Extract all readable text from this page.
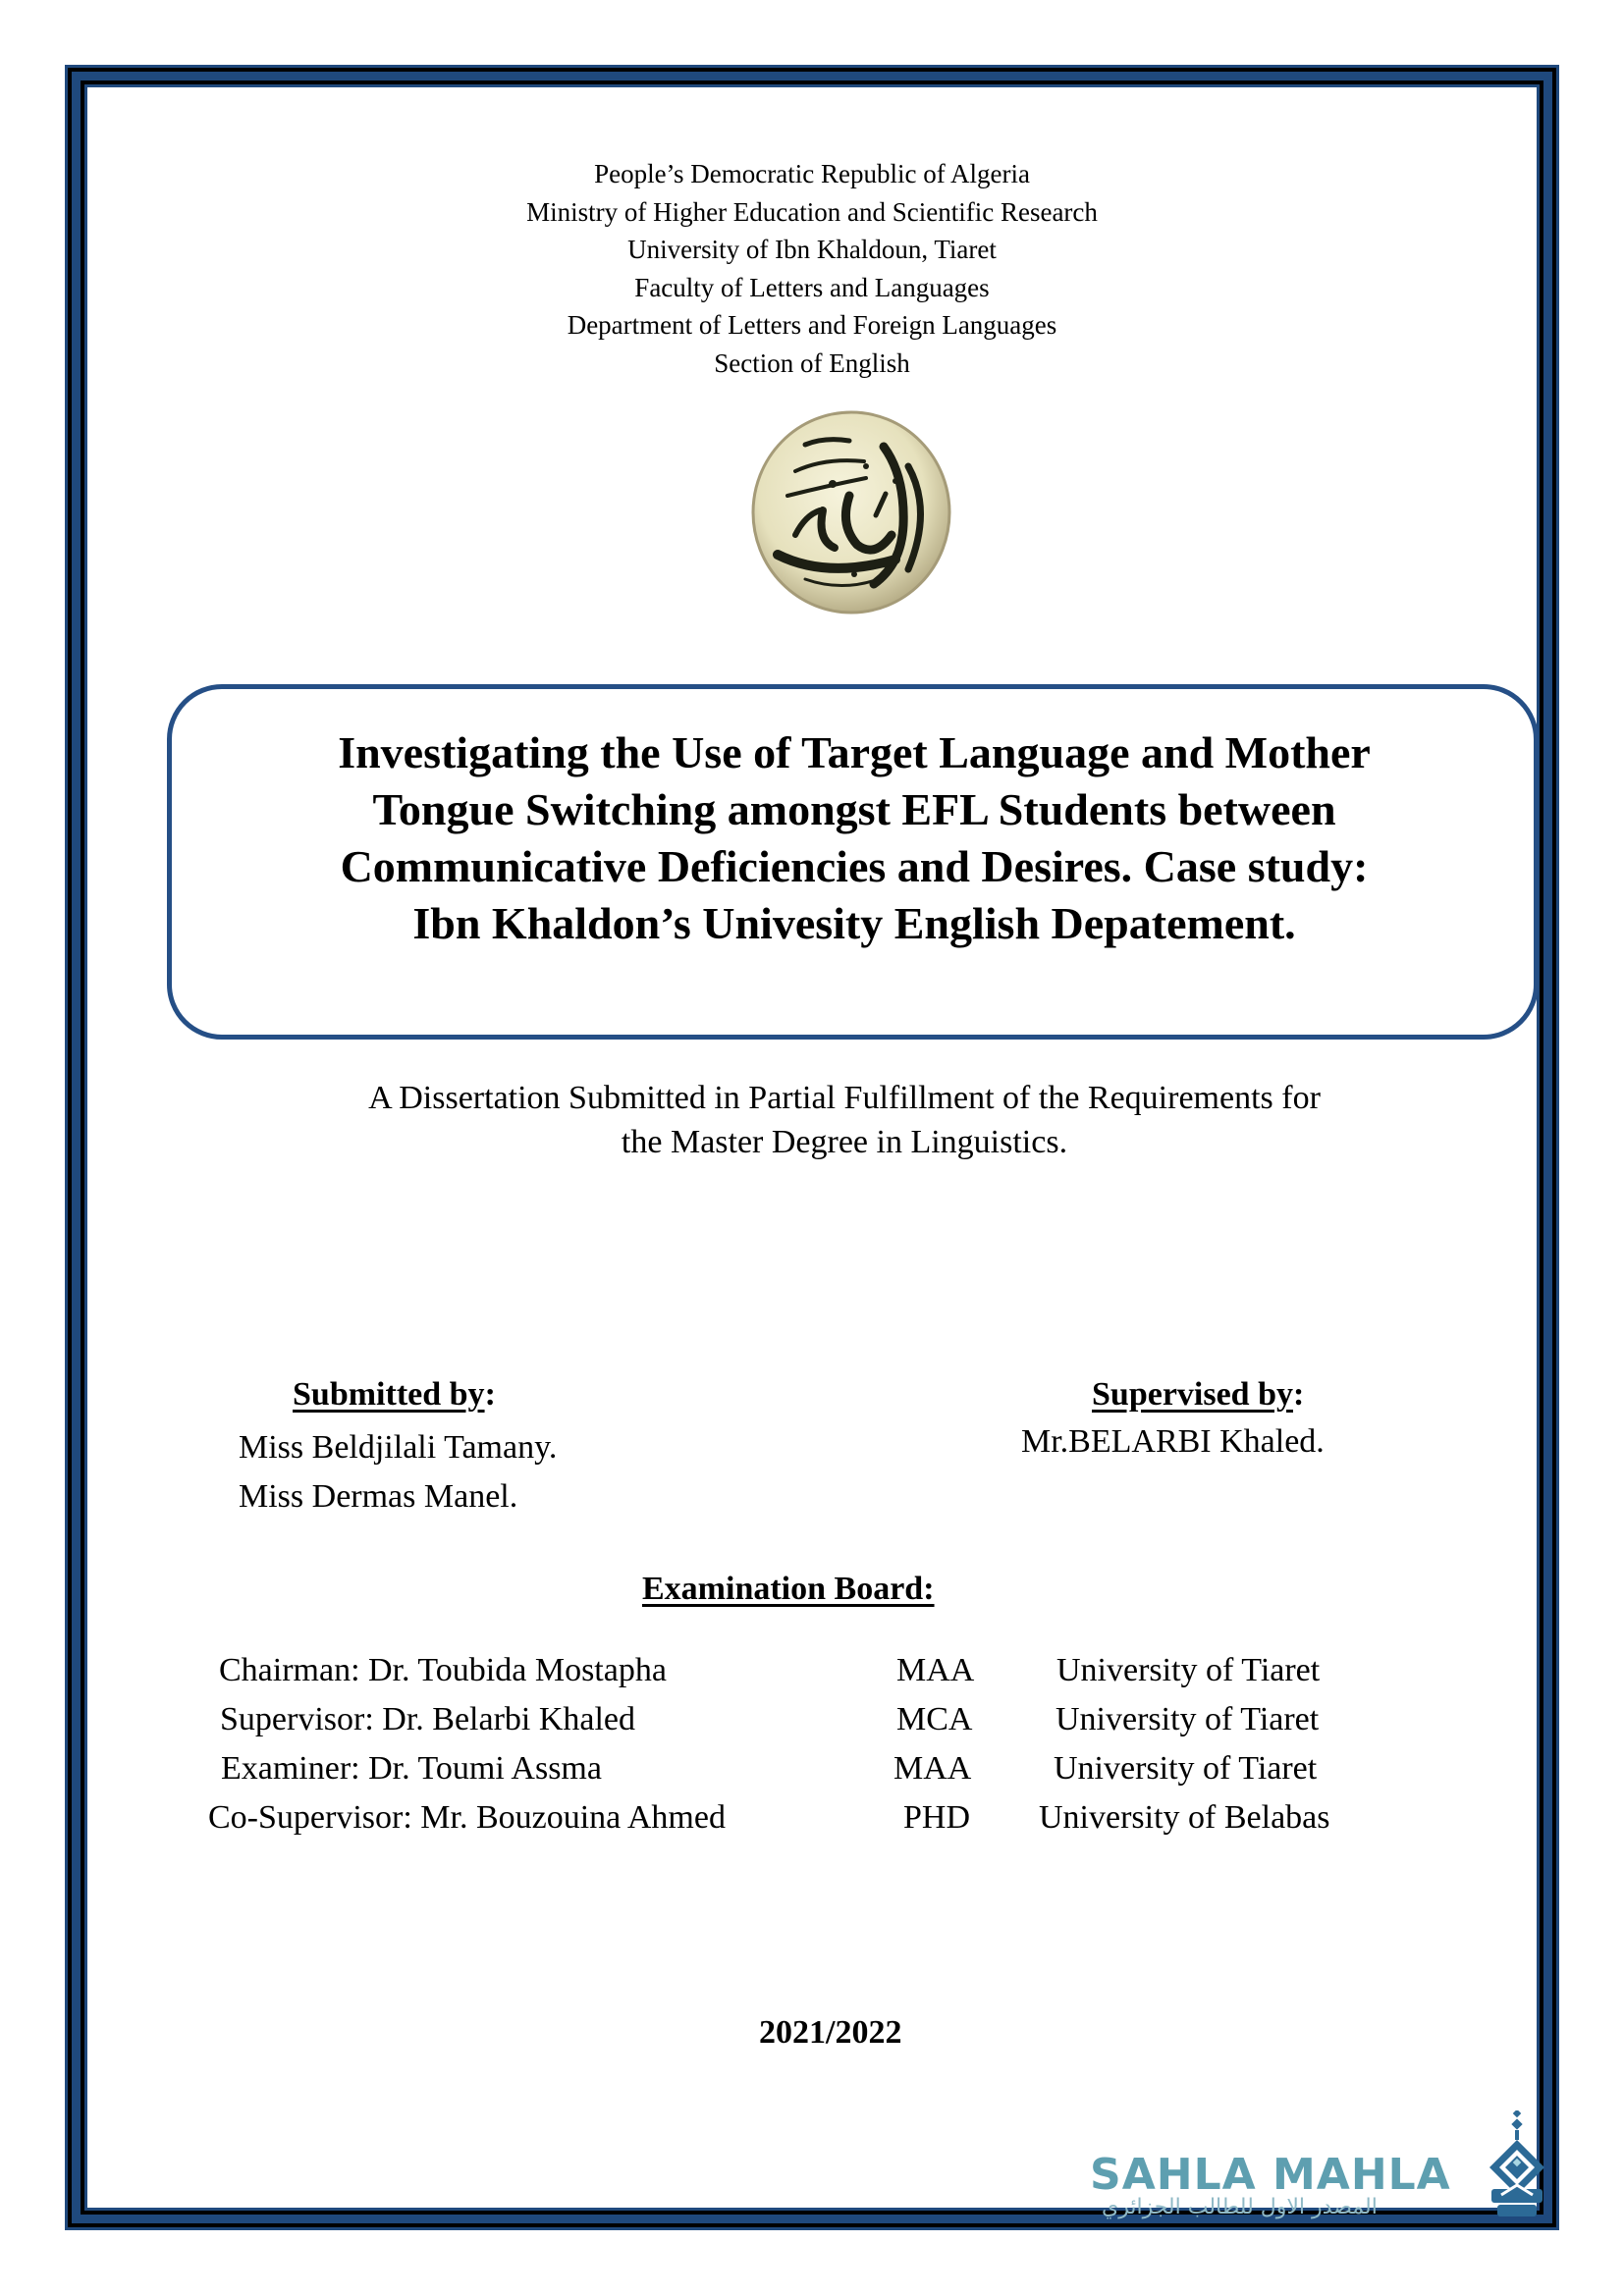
People’s Democratic Republic of Algeria
Ministry of Higher Education and Scientific Research
University of Ibn Khaldoun, Tiaret
Faculty of Letters and Languages
Department of Letters and Foreign Languages
Section of English
Investigating the Use of Target Language and Mother
Tongue Switching amongst EFL Students between
Communicative Deficiencies and Desires. Case study:
Ibn Khaldon’s Univesity English Depatement.
A Dissertation Submitted in Partial Fulfillment of the Requirements for
the Master Degree in Linguistics.
Submitted by:
Miss Beldjilali Tamany.
Miss Dermas Manel.
Supervised by:
Mr.BELARBI Khaled.
Examination Board:
Chairman: Dr. Toubida Mostapha	MAA University of Tiaret
Supervisor: Dr. Belarbi Khaled	MCA University of Tiaret
Examiner: Dr. Toumi Assma	MAA University of Tiaret
Co-Supervisor: Mr. Bouzouina Ahmed	PHD University of Belabas
2021/2022
SAHLA MAHLA
المصدر الاول للطالب الجزائري
